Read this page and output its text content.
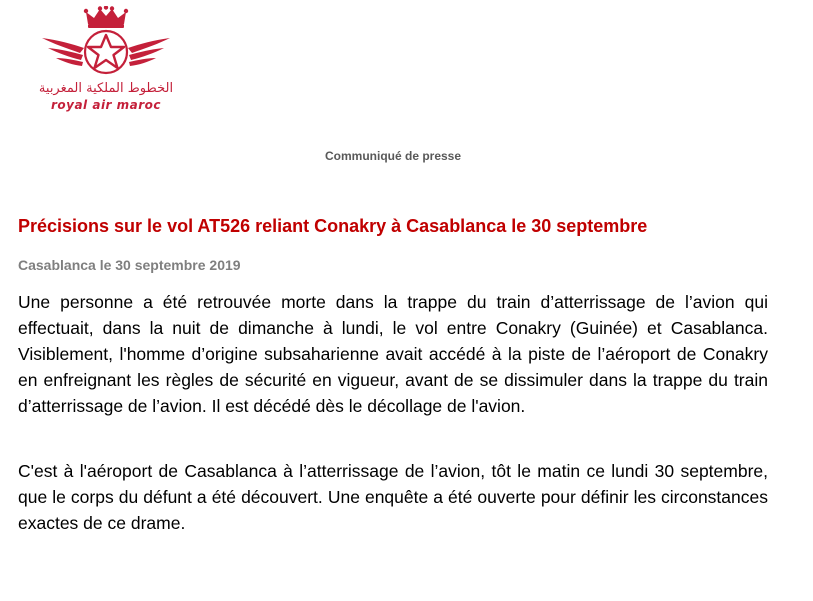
الخطوط الملكية المغربية
royal air maroc
Communiqué de presse
Précisions sur le vol AT526 reliant Conakry à Casablanca le 30 septembre
Casablanca le 30 septembre 2019

Une personne a été retrouvée morte dans la trappe du train d’atterrissage de l’avion qui effectuait, dans la nuit de dimanche à lundi, le vol entre Conakry (Guinée) et Casablanca. Visiblement, l'homme d’origine subsaharienne avait accédé à la piste de l’aéroport de Conakry en enfreignant les règles de sécurité en vigueur, avant de se dissimuler dans la trappe du train d’atterrissage de l’avion. Il est décédé dès le décollage de l'avion.

C'est à l'aéroport de Casablanca à l’atterrissage de l’avion, tôt le matin ce lundi 30 septembre, que le corps du défunt a été découvert. Une enquête a été ouverte pour définir les circonstances exactes de ce drame.
